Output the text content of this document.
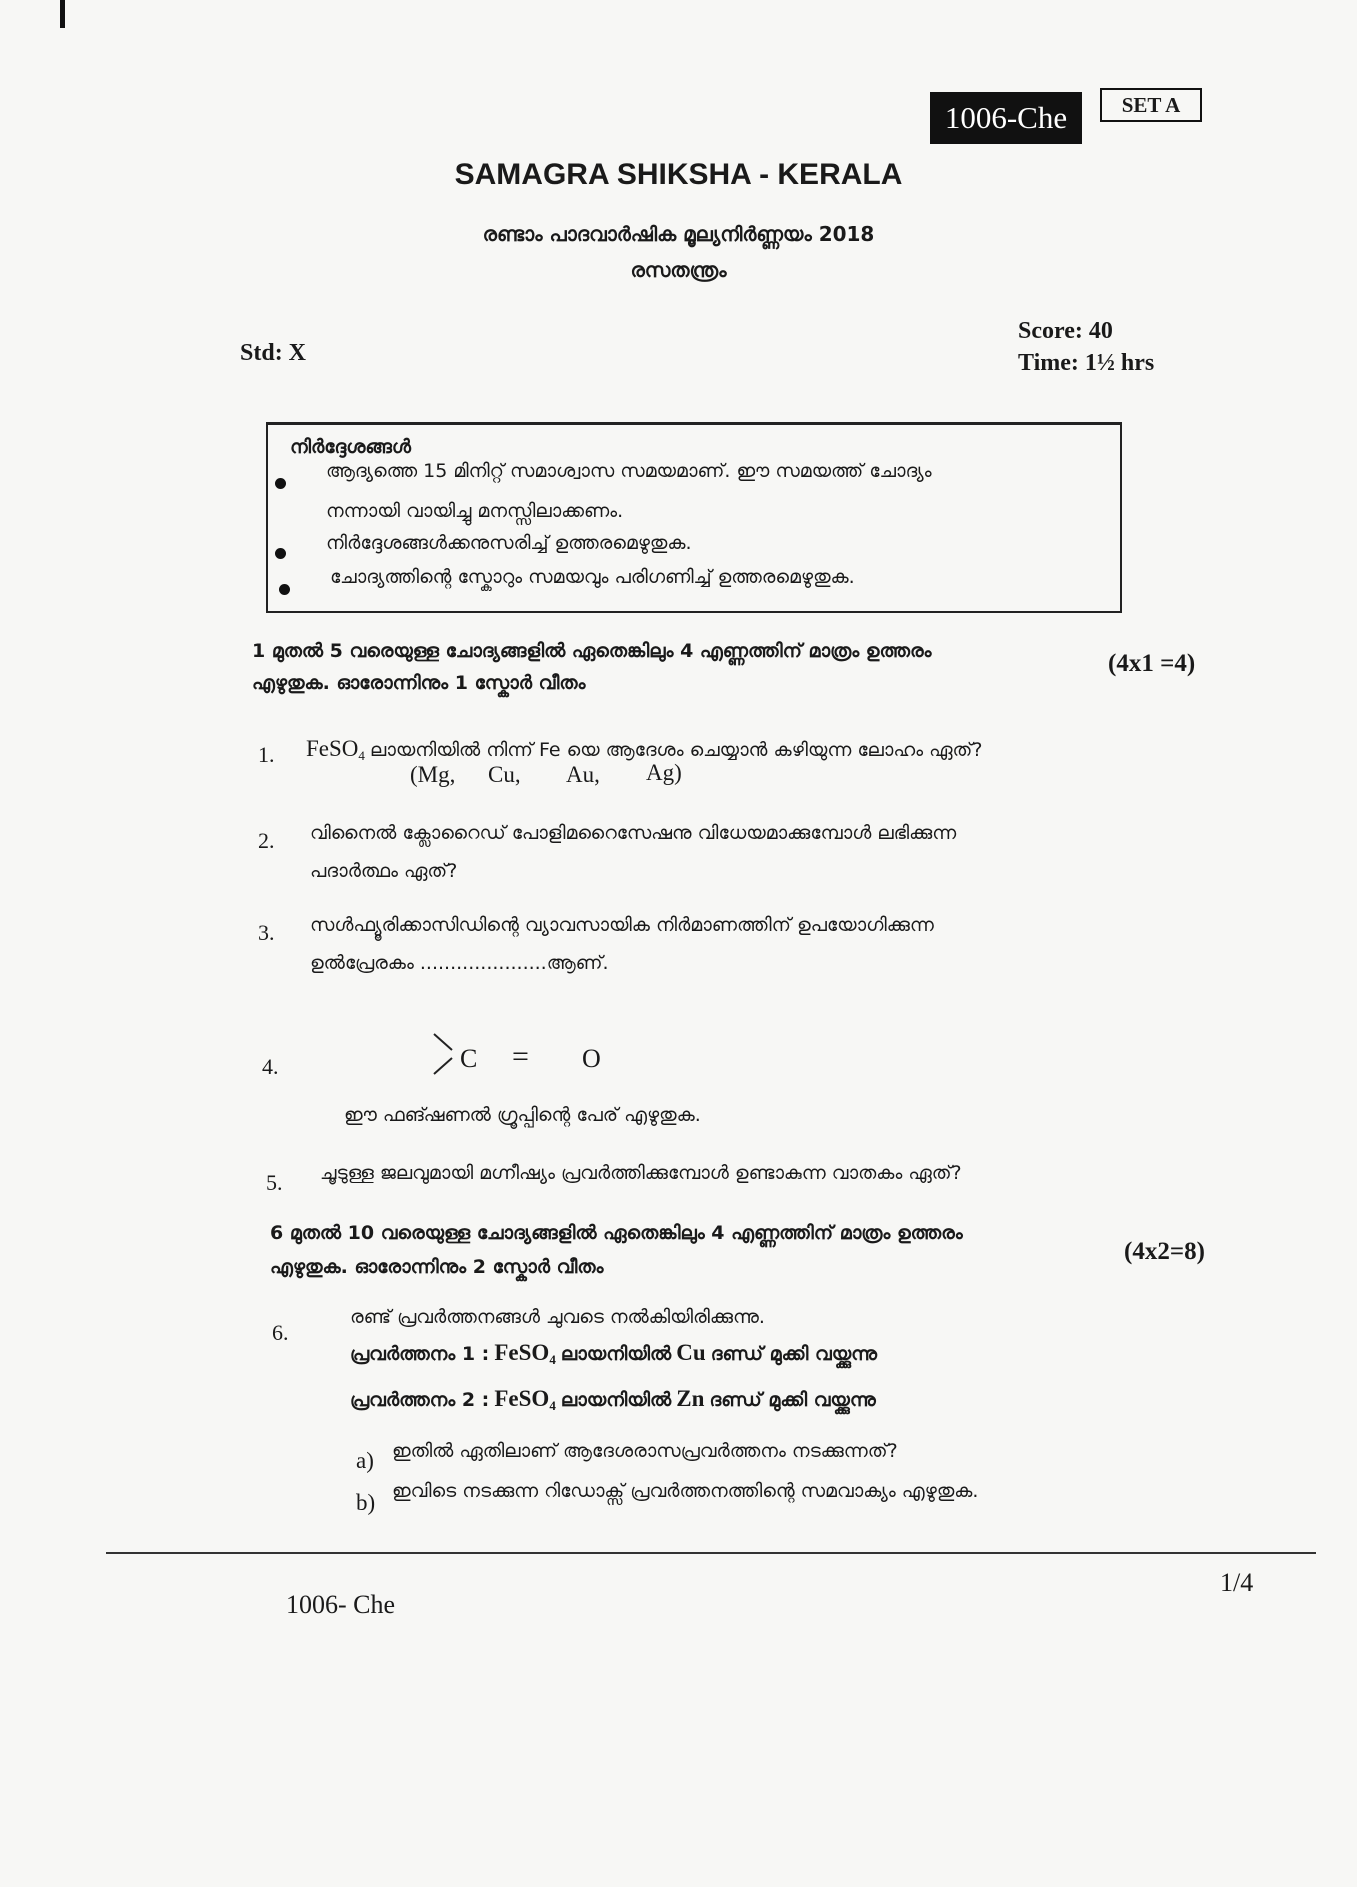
1006-Che	SET A
SAMAGRA SHIKSHA - KERALA
രണ്ടാം പാദവാർഷിക മൂല്യനിർണ്ണയം 2018
രസതന്ത്രം
Std: X
Score: 40
Time: 1½ hrs
നിർദ്ദേശങ്ങൾ
ആദ്യത്തെ 15 മിനിറ്റ് സമാശ്വാസ സമയമാണ്. ഈ സമയത്ത് ചോദ്യം
നന്നായി വായിച്ചു മനസ്സിലാക്കണം.
നിർദ്ദേശങ്ങൾക്കനുസരിച്ച് ഉത്തരമെഴുതുക.
ചോദ്യത്തിന്റെ സ്കോറും സമയവും പരിഗണിച്ച് ഉത്തരമെഴുതുക.
1 മുതൽ 5 വരെയുള്ള ചോദ്യങ്ങളിൽ ഏതെങ്കിലും 4 എണ്ണത്തിന് മാത്രം ഉത്തരം
എഴുതുക. ഓരോന്നിനും 1 സ്കോർ വീതം
(4x1 =4)
1. FeSO$_4$ ലായനിയിൽ നിന്ന് Fe യെ ആദേശം ചെയ്യാൻ കഴിയുന്ന ലോഹം ഏത്?
(Mg, Cu, Au, Ag)
2. വിനൈൽ ക്ലോറൈഡ് പോളിമറൈസേഷനു വിധേയമാക്കുമ്പോൾ ലഭിക്കുന്ന
പദാർത്ഥം ഏത്?
3. സൾഫ്യൂരിക്കാസിഡിന്റെ വ്യാവസായിക നിർമാണത്തിന് ഉപയോഗിക്കുന്ന
ഉൽപ്രേരകം .....................ആണ്.
4.	C = O
ഈ ഫങ്ഷണൽ ഗ്രൂപ്പിന്റെ പേര് എഴുതുക.
5. ചൂടുള്ള ജലവുമായി മഗ്നീഷ്യം പ്രവർത്തിക്കുമ്പോൾ ഉണ്ടാകുന്ന വാതകം ഏത്?
6 മുതൽ 10 വരെയുള്ള ചോദ്യങ്ങളിൽ ഏതെങ്കിലും 4 എണ്ണത്തിന് മാത്രം ഉത്തരം
എഴുതുക. ഓരോന്നിനും 2 സ്കോർ വീതം
(4x2=8)
6.
രണ്ട് പ്രവർത്തനങ്ങൾ ചുവടെ നൽകിയിരിക്കുന്നു.
പ്രവർത്തനം 1 : FeSO$_4$ ലായനിയിൽ Cu ദണ്ഡ് മുക്കി വയ്ക്കുന്നു
പ്രവർത്തനം 2 : FeSO$_4$ ലായനിയിൽ Zn ദണ്ഡ് മുക്കി വയ്ക്കുന്നു
a) ഇതിൽ ഏതിലാണ് ആദേശരാസപ്രവർത്തനം നടക്കുന്നത്?
b) ഇവിടെ നടക്കുന്ന റിഡോക്സ് പ്രവർത്തനത്തിന്റെ സമവാക്യം എഴുതുക.
1006- Che
1/4
